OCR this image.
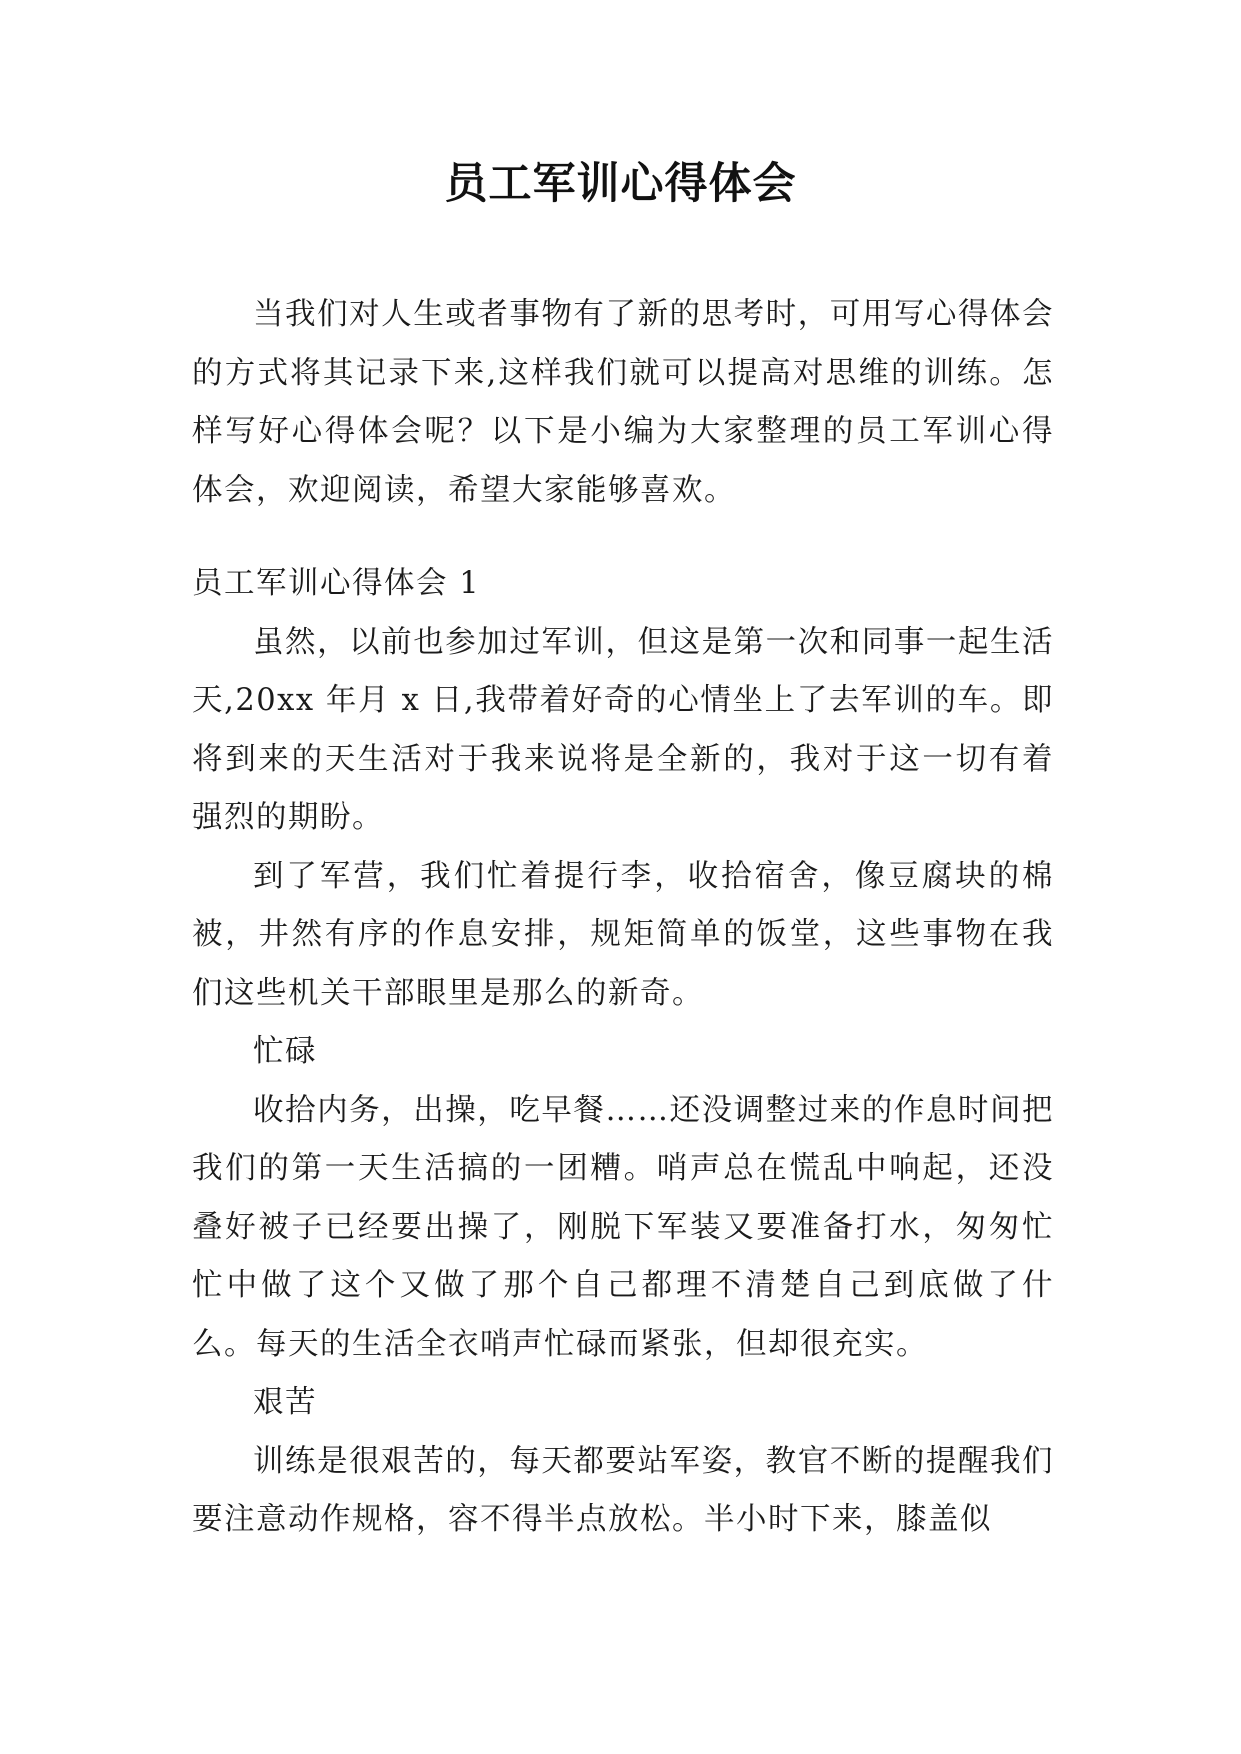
员工军训心得体会

当我们对人生或者事物有了新的思考时，可用写心得体会的方式将其记录下来,这样我们就可以提高对思维的训练。怎样写好心得体会呢？以下是小编为大家整理的员工军训心得体会，欢迎阅读，希望大家能够喜欢。

员工军训心得体会 1

虽然，以前也参加过军训，但这是第一次和同事一起生活天,20xx 年月 x 日,我带着好奇的心情坐上了去军训的车。即将到来的天生活对于我来说将是全新的，我对于这一切有着强烈的期盼。

到了军营，我们忙着提行李，收拾宿舍，像豆腐块的棉被，井然有序的作息安排，规矩简单的饭堂，这些事物在我们这些机关干部眼里是那么的新奇。

忙碌

收拾内务，出操，吃早餐……还没调整过来的作息时间把我们的第一天生活搞的一团糟。哨声总在慌乱中响起，还没叠好被子已经要出操了，刚脱下军装又要准备打水，匆匆忙忙中做了这个又做了那个自己都理不清楚自己到底做了什么。每天的生活全衣哨声忙碌而紧张，但却很充实。

艰苦

训练是很艰苦的，每天都要站军姿，教官不断的提醒我们要注意动作规格，容不得半点放松。半小时下来，膝盖似
